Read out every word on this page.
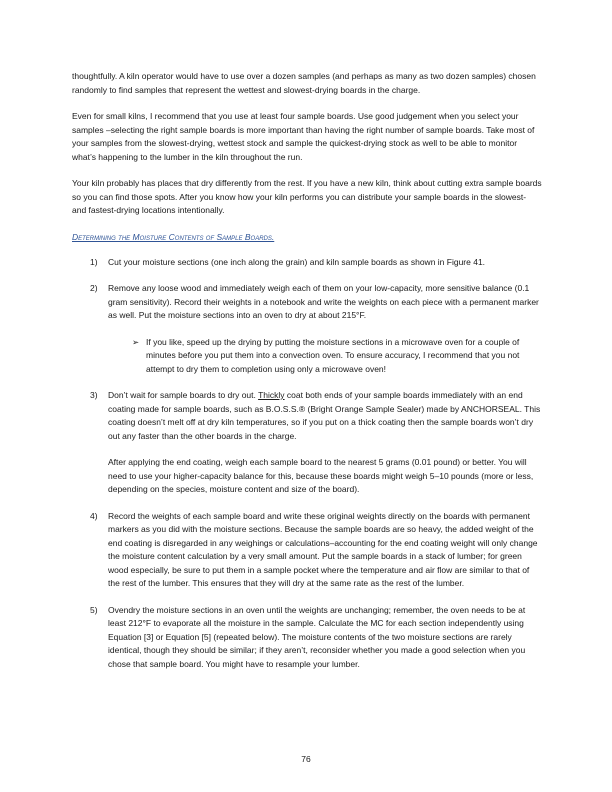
thoughtfully. A kiln operator would have to use over a dozen samples (and perhaps as many as two dozen samples) chosen randomly to find samples that represent the wettest and slowest-drying boards in the charge.

Even for small kilns, I recommend that you use at least four sample boards. Use good judgement when you select your samples –selecting the right sample boards is more important than having the right number of sample boards. Take most of your samples from the slowest-drying, wettest stock and sample the quickest-drying stock as well to be able to monitor what’s happening to the lumber in the kiln throughout the run.

Your kiln probably has places that dry differently from the rest. If you have a new kiln, think about cutting extra sample boards so you can find those spots. After you know how your kiln performs you can distribute your sample boards in the slowest- and fastest-drying locations intentionally.

Determining the Moisture Contents of Sample Boards.
1) Cut your moisture sections (one inch along the grain) and kiln sample boards as shown in Figure 41.

2) Remove any loose wood and immediately weigh each of them on your low-capacity, more sensitive balance (0.1 gram sensitivity). Record their weights in a notebook and write the weights on each piece with a permanent marker as well. Put the moisture sections into an oven to dry at about 215°F.

➢ If you like, speed up the drying by putting the moisture sections in a microwave oven for a couple of minutes before you put them into a convection oven. To ensure accuracy, I recommend that you not attempt to dry them to completion using only a microwave oven!

3) Don’t wait for sample boards to dry out. Thickly coat both ends of your sample boards immediately with an end coating made for sample boards, such as B.O.S.S.® (Bright Orange Sample Sealer) made by ANCHORSEAL. This coating doesn’t melt off at dry kiln temperatures, so if you put on a thick coating then the sample boards won’t dry out any faster than the other boards in the charge.

After applying the end coating, weigh each sample board to the nearest 5 grams (0.01 pound) or better. You will need to use your higher-capacity balance for this, because these boards might weigh 5–10 pounds (more or less, depending on the species, moisture content and size of the board).

4) Record the weights of each sample board and write these original weights directly on the boards with permanent markers as you did with the moisture sections. Because the sample boards are so heavy, the added weight of the end coating is disregarded in any weighings or calculations–accounting for the end coating weight will only change the moisture content calculation by a very small amount. Put the sample boards in a stack of lumber; for green wood especially, be sure to put them in a sample pocket where the temperature and air flow are similar to that of the rest of the lumber. This ensures that they will dry at the same rate as the rest of the lumber.

5) Ovendry the moisture sections in an oven until the weights are unchanging; remember, the oven needs to be at least 212°F to evaporate all the moisture in the sample. Calculate the MC for each section independently using Equation [3] or Equation [5] (repeated below). The moisture contents of the two moisture sections are rarely identical, though they should be similar; if they aren’t, reconsider whether you made a good selection when you chose that sample board. You might have to resample your lumber.

76
